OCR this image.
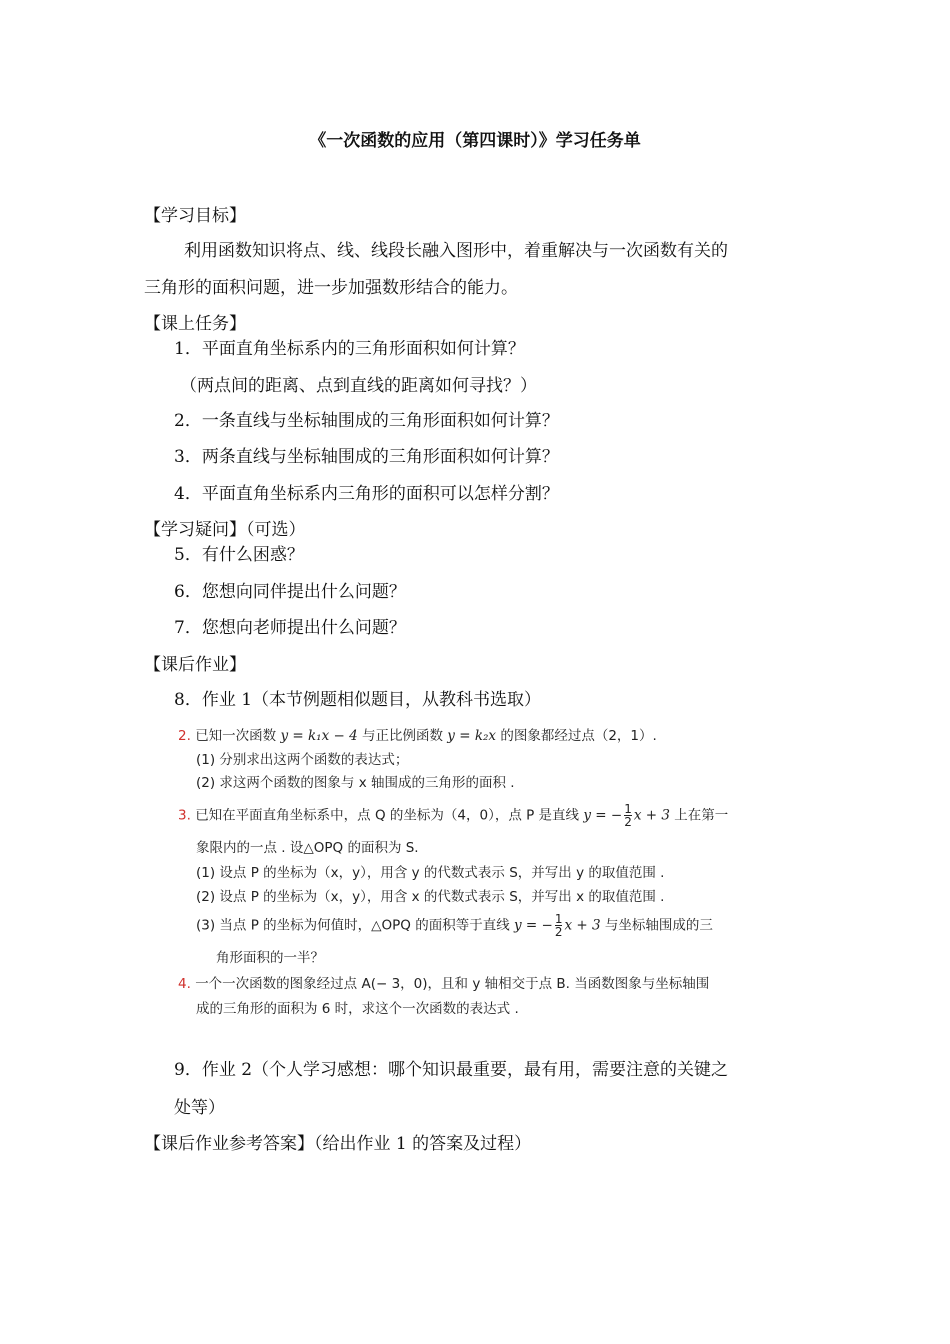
《一次函数的应用（第四课时）》学习任务单
【学习目标】
利用函数知识将点、线、线段长融入图形中，着重解决与一次函数有关的
三角形的面积问题，进一步加强数形结合的能力。
【课上任务】
1．平面直角坐标系内的三角形面积如何计算？
（两点间的距离、点到直线的距离如何寻找？）
2．一条直线与坐标轴围成的三角形面积如何计算？
3．两条直线与坐标轴围成的三角形面积如何计算？
4．平面直角坐标系内三角形的面积可以怎样分割？
【学习疑问】（可选）
5．有什么困惑？
6．您想向同伴提出什么问题？
7．您想向老师提出什么问题？
【课后作业】
8．作业 1（本节例题相似题目，从教科书选取）
2. 已知一次函数 y = k₁x − 4 与正比例函数 y = k₂x 的图象都经过点（2，1）.
(1) 分别求出这两个函数的表达式；
(2) 求这两个函数的图象与 x 轴围成的三角形的面积 .
3. 已知在平面直角坐标系中，点 Q 的坐标为（4，0），点 P 是直线 y = − $\frac{1}{2}$ x + 3 上在第一
象限内的一点 . 设△OPQ 的面积为 S.
(1) 设点 P 的坐标为（x，y），用含 y 的代数式表示 S，并写出 y 的取值范围 .
(2) 设点 P 的坐标为（x，y），用含 x 的代数式表示 S，并写出 x 的取值范围 .
(3) 当点 P 的坐标为何值时，△OPQ 的面积等于直线 y = − $\frac{1}{2}$ x + 3 与坐标轴围成的三
角形面积的一半？
4. 一个一次函数的图象经过点 A(− 3，0)，且和 y 轴相交于点 B. 当函数图象与坐标轴围
成的三角形的面积为 6 时，求这个一次函数的表达式 .
9．作业 2（个人学习感想：哪个知识最重要，最有用，需要注意的关键之
处等）
【课后作业参考答案】（给出作业 1 的答案及过程）
